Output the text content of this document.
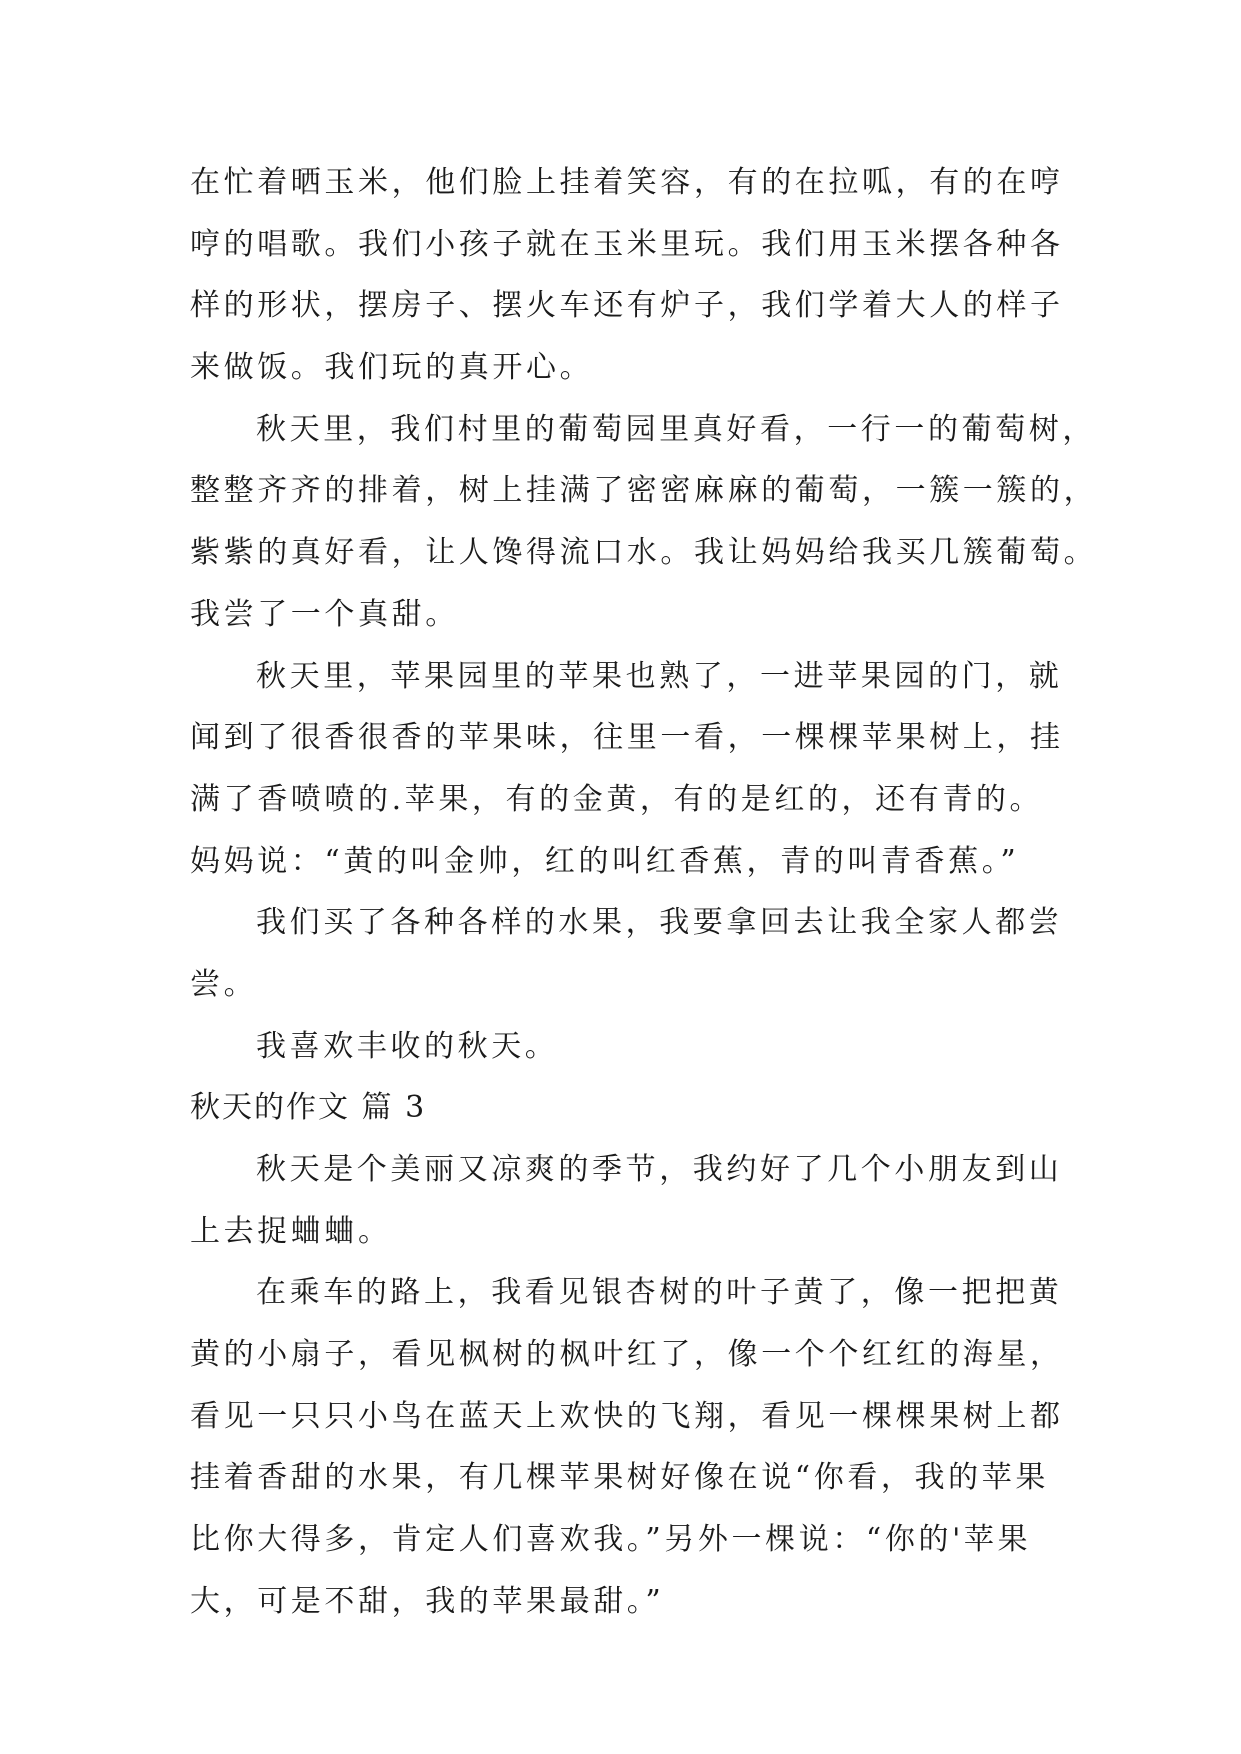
在忙着晒玉米，他们脸上挂着笑容，有的在拉呱，有的在哼
哼的唱歌。我们小孩子就在玉米里玩。我们用玉米摆各种各
样的形状，摆房子、摆火车还有炉子，我们学着大人的样子
来做饭。我们玩的真开心。
秋天里，我们村里的葡萄园里真好看，一行一的葡萄树，
整整齐齐的排着，树上挂满了密密麻麻的葡萄，一簇一簇的，
紫紫的真好看，让人馋得流口水。我让妈妈给我买几簇葡萄。
我尝了一个真甜。
秋天里，苹果园里的苹果也熟了，一进苹果园的门，就
闻到了很香很香的苹果味，往里一看，一棵棵苹果树上，挂
满了香喷喷的.苹果，有的金黄，有的是红的，还有青的。
妈妈说：“黄的叫金帅，红的叫红香蕉，青的叫青香蕉。”
我们买了各种各样的水果，我要拿回去让我全家人都尝
尝。
我喜欢丰收的秋天。
秋天的作文 篇 3
秋天是个美丽又凉爽的季节，我约好了几个小朋友到山
上去捉蛐蛐。
在乘车的路上，我看见银杏树的叶子黄了，像一把把黄
黄的小扇子，看见枫树的枫叶红了，像一个个红红的海星，
看见一只只小鸟在蓝天上欢快的飞翔，看见一棵棵果树上都
挂着香甜的水果，有几棵苹果树好像在说“你看，我的苹果
比你大得多，肯定人们喜欢我。”另外一棵说：“你的'苹果
大，可是不甜，我的苹果最甜。”
